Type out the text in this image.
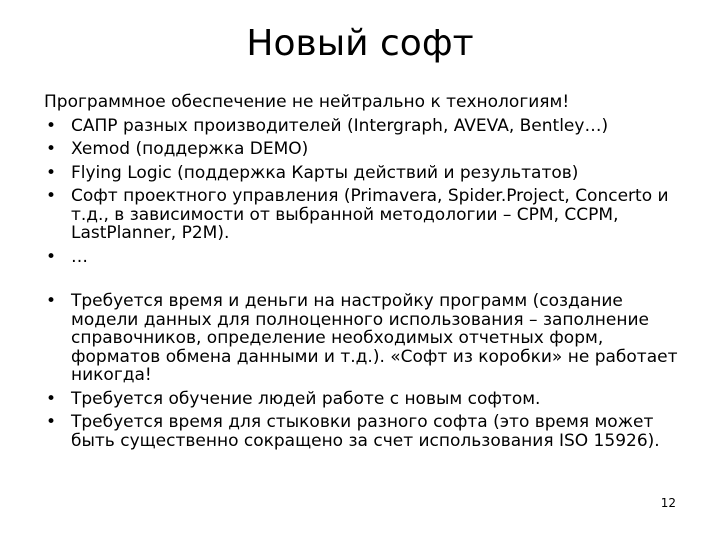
Новый софт

Программное обеспечение не нейтрально к технологиям!

• САПР разных производителей (Intergraph, AVEVA, Bentley…)
• Xemod (поддержка DEMO)
• Flying Logic (поддержка Карты действий и результатов)
• Софт проектного управления (Primavera, Spider.Project, Concerto и т.д., в зависимости от выбранной методологии – CPM, CCPM, LastPlanner, P2M).
• …
• Требуется время и деньги на настройку программ (создание модели данных для полноценного использования – заполнение справочников, определение необходимых отчетных форм, форматов обмена данными и т.д.). «Софт из коробки» не работает никогда!
• Требуется обучение людей работе с новым софтом.
• Требуется время для стыковки разного софта (это время может быть существенно сокращено за счет использования ISO 15926).
12
